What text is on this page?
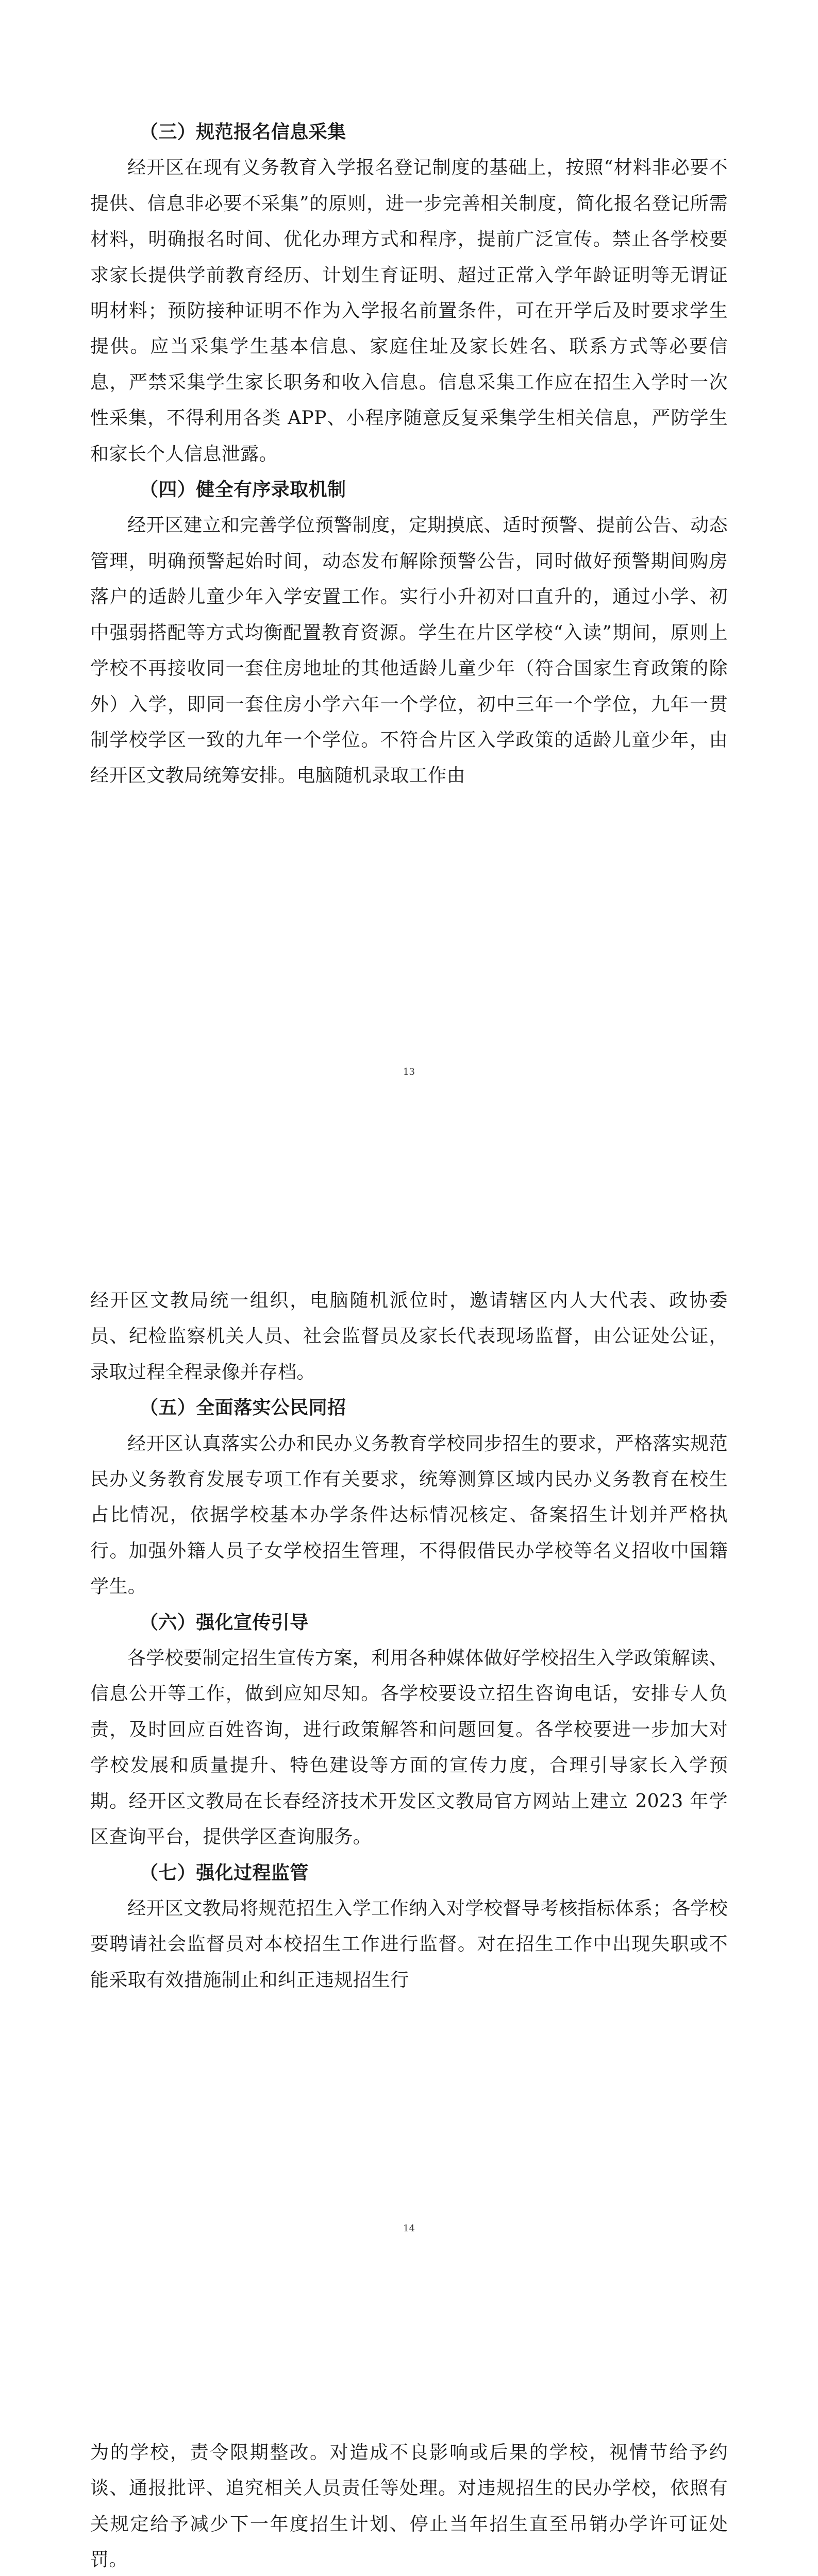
（三）规范报名信息采集

经开区在现有义务教育入学报名登记制度的基础上，按照“材料非必要不提供、信息非必要不采集”的原则，进一步完善相关制度，简化报名登记所需材料，明确报名时间、优化办理方式和程序，提前广泛宣传。禁止各学校要求家长提供学前教育经历、计划生育证明、超过正常入学年龄证明等无谓证明材料；预防接种证明不作为入学报名前置条件，可在开学后及时要求学生提供。应当采集学生基本信息、家庭住址及家长姓名、联系方式等必要信息，严禁采集学生家长职务和收入信息。信息采集工作应在招生入学时一次性采集，不得利用各类 APP、小程序随意反复采集学生相关信息，严防学生和家长个人信息泄露。

（四）健全有序录取机制

经开区建立和完善学位预警制度，定期摸底、适时预警、提前公告、动态管理，明确预警起始时间，动态发布解除预警公告，同时做好预警期间购房落户的适龄儿童少年入学安置工作。实行小升初对口直升的，通过小学、初中强弱搭配等方式均衡配置教育资源。学生在片区学校“入读”期间，原则上学校不再接收同一套住房地址的其他适龄儿童少年（符合国家生育政策的除外）入学，即同一套住房小学六年一个学位，初中三年一个学位，九年一贯制学校学区一致的九年一个学位。不符合片区入学政策的适龄儿童少年，由经开区文教局统筹安排。电脑随机录取工作由

13

经开区文教局统一组织，电脑随机派位时，邀请辖区内人大代表、政协委员、纪检监察机关人员、社会监督员及家长代表现场监督，由公证处公证，录取过程全程录像并存档。

（五）全面落实公民同招

经开区认真落实公办和民办义务教育学校同步招生的要求，严格落实规范民办义务教育发展专项工作有关要求，统筹测算区域内民办义务教育在校生占比情况，依据学校基本办学条件达标情况核定、备案招生计划并严格执行。加强外籍人员子女学校招生管理，不得假借民办学校等名义招收中国籍学生。

（六）强化宣传引导

各学校要制定招生宣传方案，利用各种媒体做好学校招生入学政策解读、信息公开等工作，做到应知尽知。各学校要设立招生咨询电话，安排专人负责，及时回应百姓咨询，进行政策解答和问题回复。各学校要进一步加大对学校发展和质量提升、特色建设等方面的宣传力度，合理引导家长入学预期。经开区文教局在长春经济技术开发区文教局官方网站上建立 2023 年学区查询平台，提供学区查询服务。

（七）强化过程监管

经开区文教局将规范招生入学工作纳入对学校督导考核指标体系；各学校要聘请社会监督员对本校招生工作进行监督。对在招生工作中出现失职或不能采取有效措施制止和纠正违规招生行

14

为的学校，责令限期整改。对造成不良影响或后果的学校，视情节给予约谈、通报批评、追究相关人员责任等处理。对违规招生的民办学校，依照有关规定给予减少下一年度招生计划、停止当年招生直至吊销办学许可证处罚。
